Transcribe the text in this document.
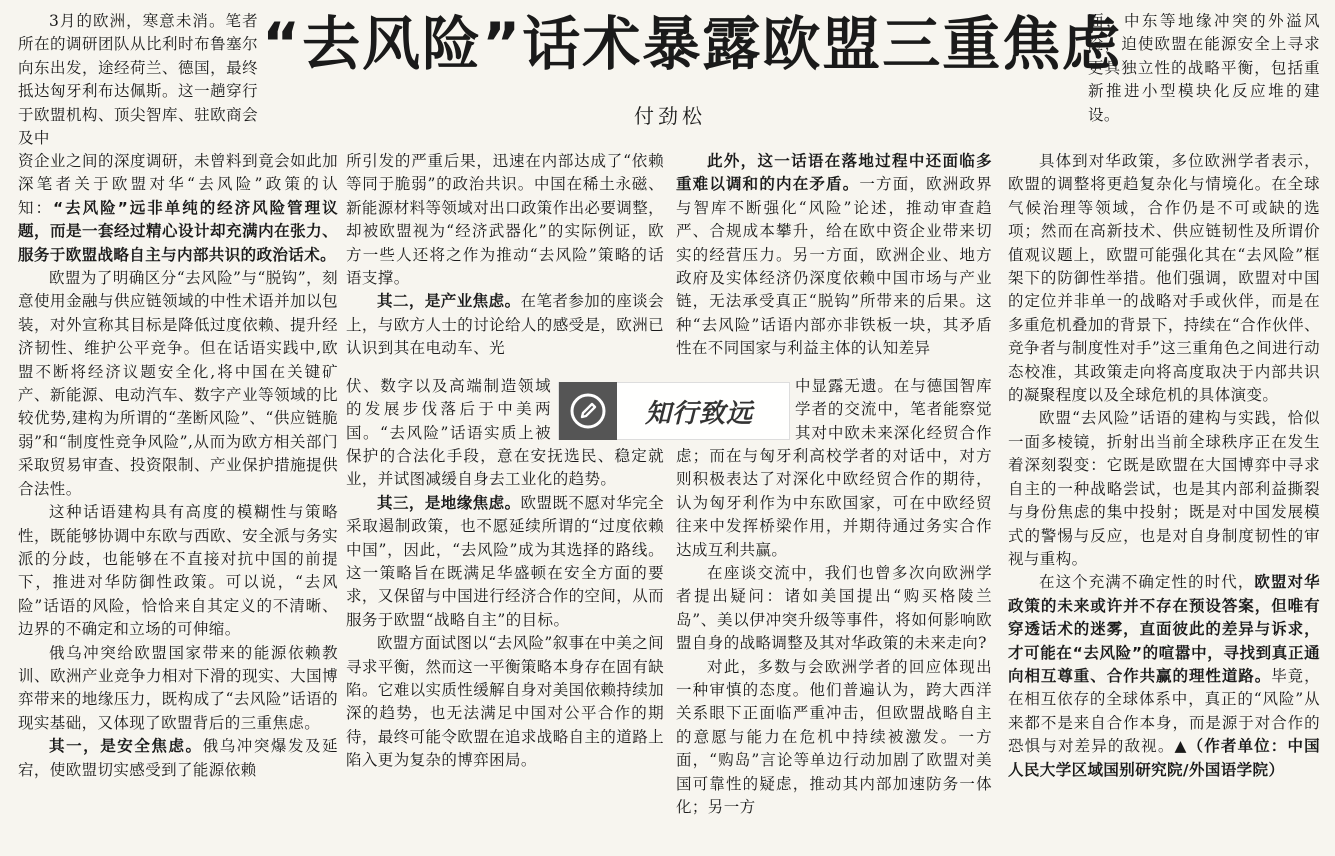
“去风险”话术暴露欧盟三重焦虑
付劲松

3月的欧洲，寒意未消。笔者所在的调研团队从比利时布鲁塞尔向东出发，途经荷兰、德国，最终抵达匈牙利布达佩斯。这一趟穿行于欧盟机构、顶尖智库、驻欧商会及中

资企业之间的深度调研，未曾料到竟会如此加深笔者关于欧盟对华“去风险”政策的认知：“去风险”远非单纯的经济风险管理议题，而是一套经过精心设计却充满内在张力、服务于欧盟战略自主与内部共识的政治话术。

欧盟为了明确区分“去风险”与“脱钩”，刻意使用金融与供应链领域的中性术语并加以包装，对外宣称其目标是降低过度依赖、提升经济韧性、维护公平竞争。但在话语实践中,欧盟不断将经济议题安全化,将中国在关键矿产、新能源、电动汽车、数字产业等领域的比较优势,建构为所谓的“垄断风险”、“供应链脆弱”和“制度性竞争风险”,从而为欧方相关部门采取贸易审查、投资限制、产业保护措施提供合法性。

这种话语建构具有高度的模糊性与策略性，既能够协调中东欧与西欧、安全派与务实派的分歧，也能够在不直接对抗中国的前提下，推进对华防御性政策。可以说，“去风险”话语的风险，恰恰来自其定义的不清晰、边界的不确定和立场的可伸缩。

俄乌冲突给欧盟国家带来的能源依赖教训、欧洲产业竞争力相对下滑的现实、大国博弈带来的地缘压力，既构成了“去风险”话语的现实基础，又体现了欧盟背后的三重焦虑。

其一，是安全焦虑。俄乌冲突爆发及延宕，使欧盟切实感受到了能源依赖

所引发的严重后果，迅速在内部达成了“依赖等同于脆弱”的政治共识。中国在稀土永磁、新能源材料等领域对出口政策作出必要调整，却被欧盟视为“经济武器化”的实际例证，欧方一些人还将之作为推动“去风险”策略的话语支撑。

其二，是产业焦虑。在笔者参加的座谈会上，与欧方人士的讨论给人的感受是，欧洲已认识到其在电动车、光

伏、数字以及高端制造领域的发展步伐落后于中美两国。“去风险”话语实质上被

保护的合法化手段，意在安抚选民、稳定就业，并试图减缓自身去工业化的趋势。

其三，是地缘焦虑。欧盟既不愿对华完全采取遏制政策，也不愿延续所谓的“过度依赖中国”，因此，“去风险”成为其选择的路线。这一策略旨在既满足华盛顿在安全方面的要求，又保留与中国进行经济合作的空间，从而服务于欧盟“战略自主”的目标。

欧盟方面试图以“去风险”叙事在中美之间寻求平衡，然而这一平衡策略本身存在固有缺陷。它难以实质性缓解自身对美国依赖持续加深的趋势，也无法满足中国对公平合作的期待，最终可能令欧盟在追求战略自主的道路上陷入更为复杂的博弈困局。

知行致远

此外，这一话语在落地过程中还面临多重难以调和的内在矛盾。一方面，欧洲政界与智库不断强化“风险”论述，推动审查趋严、合规成本攀升，给在欧中资企业带来切实的经营压力。另一方面，欧洲企业、地方政府及实体经济仍深度依赖中国市场与产业链，无法承受真正“脱钩”所带来的后果。这种“去风险”话语内部亦非铁板一块，其矛盾性在不同国家与利益主体的认知差异

中显露无遗。在与德国智库学者的交流中，笔者能察觉其对中欧未来深化经贸合作

虑；而在与匈牙利高校学者的对话中，对方则积极表达了对深化中欧经贸合作的期待，认为匈牙利作为中东欧国家，可在中欧经贸往来中发挥桥梁作用，并期待通过务实合作达成互利共赢。

在座谈交流中，我们也曾多次向欧洲学者提出疑问：诸如美国提出“购买格陵兰岛”、美以伊冲突升级等事件，将如何影响欧盟自身的战略调整及其对华政策的未来走向?

对此，多数与会欧洲学者的回应体现出一种审慎的态度。他们普遍认为，跨大西洋关系眼下正面临严重冲击，但欧盟战略自主的意愿与能力在危机中持续被激发。一方面，“购岛”言论等单边行动加剧了欧盟对美国可靠性的疑虑，推动其内部加速防务一体化；另一方

面，中东等地缘冲突的外溢风险，迫使欧盟在能源安全上寻求更具独立性的战略平衡，包括重新推进小型模块化反应堆的建设。

具体到对华政策，多位欧洲学者表示，欧盟的调整将更趋复杂化与情境化。在全球气候治理等领域，合作仍是不可或缺的选项；然而在高新技术、供应链韧性及所谓价值观议题上，欧盟可能强化其在“去风险”框架下的防御性举措。他们强调，欧盟对中国的定位并非单一的战略对手或伙伴，而是在多重危机叠加的背景下，持续在“合作伙伴、竞争者与制度性对手”这三重角色之间进行动态校准，其政策走向将高度取决于内部共识的凝聚程度以及全球危机的具体演变。

欧盟“去风险”话语的建构与实践，恰似一面多棱镜，折射出当前全球秩序正在发生着深刻裂变：它既是欧盟在大国博弈中寻求自主的一种战略尝试，也是其内部利益撕裂与身份焦虑的集中投射；既是对中国发展模式的警惕与反应，也是对自身制度韧性的审视与重构。

在这个充满不确定性的时代，欧盟对华政策的未来或许并不存在预设答案，但唯有穿透话术的迷雾，直面彼此的差异与诉求，才可能在“去风险”的喧嚣中，寻找到真正通向相互尊重、合作共赢的理性道路。毕竟，在相互依存的全球体系中，真正的“风险”从来都不是来自合作本身，而是源于对合作的恐惧与对差异的敌视。▲（作者单位：中国人民大学区域国别研究院/外国语学院）
